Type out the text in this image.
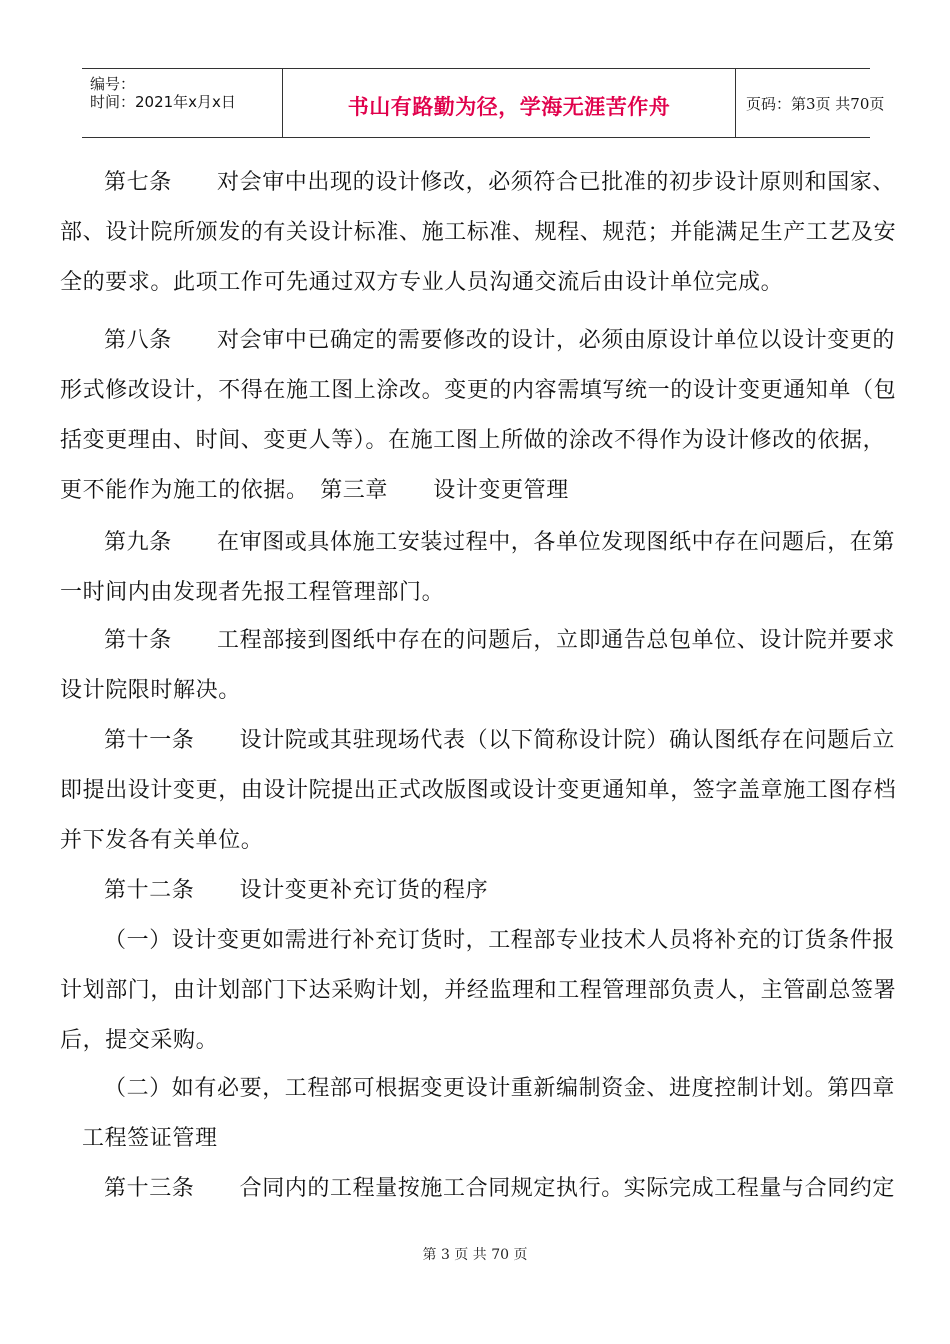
编号：
时间：2021年x月x日	书山有路勤为径，学海无涯苦作舟	页码：第3页 共70页
第七条　　对会审中出现的设计修改，必须符合已批准的初步设计原则和国家、
部、设计院所颁发的有关设计标准、施工标准、规程、规范；并能满足生产工艺及安
全的要求。此项工作可先通过双方专业人员沟通交流后由设计单位完成。
第八条　　对会审中已确定的需要修改的设计，必须由原设计单位以设计变更的
形式修改设计，不得在施工图上涂改。变更的内容需填写统一的设计变更通知单（包
括变更理由、时间、变更人等）。在施工图上所做的涂改不得作为设计修改的依据，
更不能作为施工的依据。　第三章　　设计变更管理
第九条　　在审图或具体施工安装过程中，各单位发现图纸中存在问题后，在第
一时间内由发现者先报工程管理部门。
第十条　　工程部接到图纸中存在的问题后，立即通告总包单位、设计院并要求
设计院限时解决。
第十一条　　设计院或其驻现场代表（以下简称设计院）确认图纸存在问题后立
即提出设计变更，由设计院提出正式改版图或设计变更通知单，签字盖章施工图存档
并下发各有关单位。
第十二条　　设计变更补充订货的程序
（一）设计变更如需进行补充订货时，工程部专业技术人员将补充的订货条件报
计划部门，由计划部门下达采购计划，并经监理和工程管理部负责人，主管副总签署
后，提交采购。
（二）如有必要，工程部可根据变更设计重新编制资金、进度控制计划。第四章
工程签证管理
第十三条　　合同内的工程量按施工合同规定执行。实际完成工程量与合同约定
第 3 页 共 70 页
